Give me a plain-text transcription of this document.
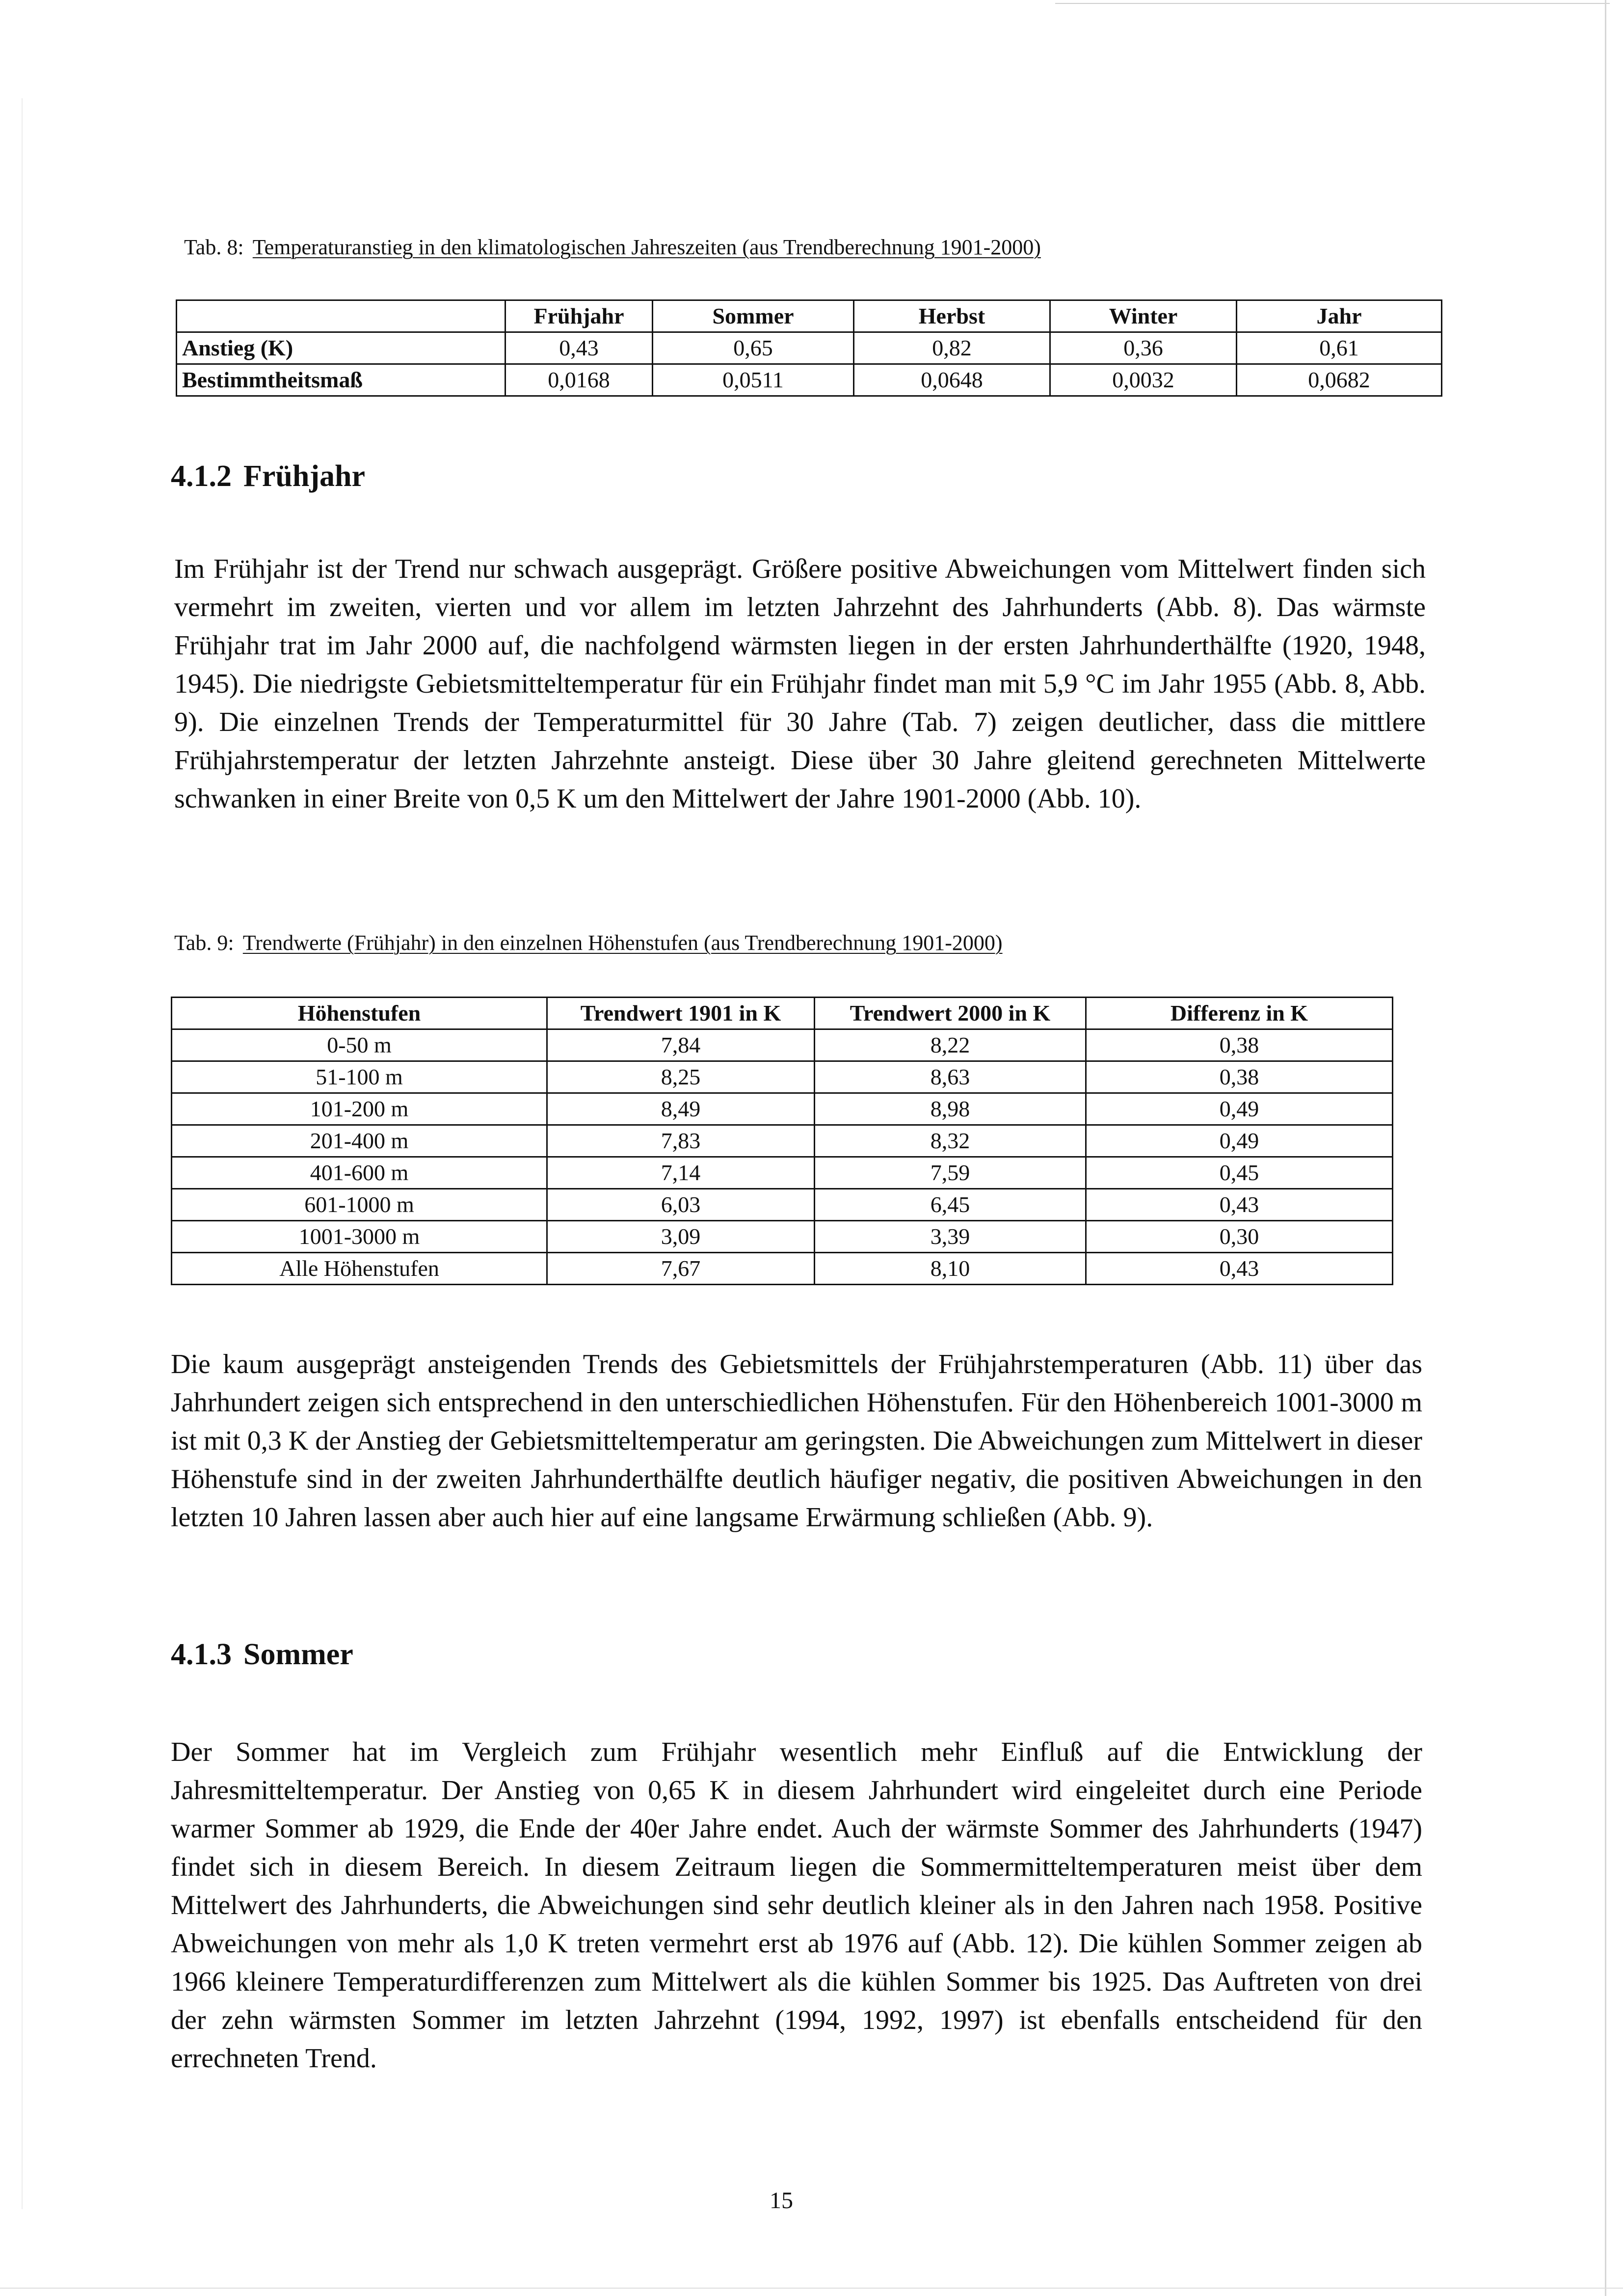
Tab. 8: Temperaturanstieg in den klimatologischen Jahreszeiten (aus Trendberechnung 1901-2000)
	Frühjahr	Sommer	Herbst	Winter	Jahr
Anstieg (K)	0,43	0,65	0,82	0,36	0,61
Bestimmtheitsmaß	0,0168	0,0511	0,0648	0,0032	0,0682
4.1.2 Frühjahr

Im Frühjahr ist der Trend nur schwach ausgeprägt. Größere positive Abweichungen vom Mittelwert finden sich vermehrt im zweiten, vierten und vor allem im letzten Jahrzehnt des Jahrhunderts (Abb. 8). Das wärmste Frühjahr trat im Jahr 2000 auf, die nachfolgend wärmsten liegen in der ersten Jahrhunderthälfte (1920, 1948, 1945). Die niedrigste Gebietsmitteltemperatur für ein Frühjahr findet man mit 5,9 °C im Jahr 1955 (Abb. 8, Abb. 9). Die einzelnen Trends der Temperaturmittel für 30 Jahre (Tab. 7) zeigen deutlicher, dass die mittlere Frühjahrstemperatur der letzten Jahrzehnte ansteigt. Diese über 30 Jahre gleitend gerechneten Mittelwerte schwanken in einer Breite von 0,5 K um den Mittelwert der Jahre 1901-2000 (Abb. 10).

Tab. 9: Trendwerte (Frühjahr) in den einzelnen Höhenstufen (aus Trendberechnung 1901-2000)
Höhenstufen	Trendwert 1901 in K	Trendwert 2000 in K	Differenz in K
0-50 m	7,84	8,22	0,38
51-100 m	8,25	8,63	0,38
101-200 m	8,49	8,98	0,49
201-400 m	7,83	8,32	0,49
401-600 m	7,14	7,59	0,45
601-1000 m	6,03	6,45	0,43
1001-3000 m	3,09	3,39	0,30
Alle Höhenstufen	7,67	8,10	0,43

Die kaum ausgeprägt ansteigenden Trends des Gebietsmittels der Frühjahrstemperaturen (Abb. 11) über das Jahrhundert zeigen sich entsprechend in den unterschiedlichen Höhenstufen. Für den Höhenbereich 1001-3000 m ist mit 0,3 K der Anstieg der Gebietsmitteltemperatur am geringsten. Die Abweichungen zum Mittelwert in dieser Höhenstufe sind in der zweiten Jahrhunderthälfte deutlich häufiger negativ, die positiven Abweichungen in den letzten 10 Jahren lassen aber auch hier auf eine langsame Erwärmung schließen (Abb. 9).

4.1.3 Sommer

Der Sommer hat im Vergleich zum Frühjahr wesentlich mehr Einfluß auf die Entwicklung der Jahresmitteltemperatur. Der Anstieg von 0,65 K in diesem Jahrhundert wird eingeleitet durch eine Periode warmer Sommer ab 1929, die Ende der 40er Jahre endet. Auch der wärmste Sommer des Jahrhunderts (1947) findet sich in diesem Bereich. In diesem Zeitraum liegen die Sommermitteltemperaturen meist über dem Mittelwert des Jahrhunderts, die Abweichungen sind sehr deutlich kleiner als in den Jahren nach 1958. Positive Abweichungen von mehr als 1,0 K treten vermehrt erst ab 1976 auf (Abb. 12). Die kühlen Sommer zeigen ab 1966 kleinere Temperaturdifferenzen zum Mittelwert als die kühlen Sommer bis 1925. Das Auftreten von drei der zehn wärmsten Sommer im letzten Jahrzehnt (1994, 1992, 1997) ist ebenfalls entscheidend für den errechneten Trend.

15
